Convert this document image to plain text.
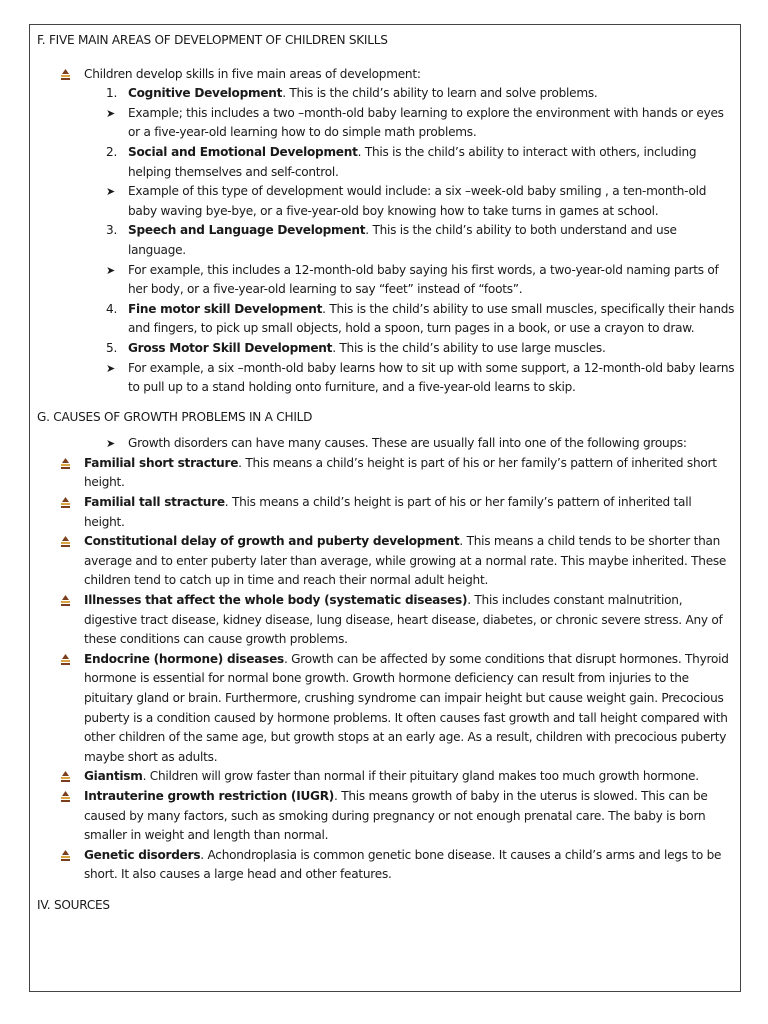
F. FIVE MAIN AREAS OF DEVELOPMENT OF CHILDREN SKILLS

Children develop skills in five main areas of development:
1. Cognitive Development. This is the child’s ability to learn and solve problems.
➤ Example; this includes a two –month-old baby learning to explore the environment with hands or eyes or a five-year-old learning how to do simple math problems.
2. Social and Emotional Development. This is the child’s ability to interact with others, including helping themselves and self-control.
➤ Example of this type of development would include: a six –week-old baby smiling , a ten-month-old baby waving bye-bye, or a five-year-old boy knowing how to take turns in games at school.
3. Speech and Language Development. This is the child’s ability to both understand and use language.
➤ For example, this includes a 12-month-old baby saying his first words, a two-year-old naming parts of her body, or a five-year-old learning to say “feet” instead of “foots”.
4. Fine motor skill Development. This is the child’s ability to use small muscles, specifically their hands and fingers, to pick up small objects, hold a spoon, turn pages in a book, or use a crayon to draw.
5. Gross Motor Skill Development. This is the child’s ability to use large muscles.
➤ For example, a six –month-old baby learns how to sit up with some support, a 12-month-old baby learns to pull up to a stand holding onto furniture, and a five-year-old learns to skip.

G. CAUSES OF GROWTH PROBLEMS IN A CHILD

➤ Growth disorders can have many causes. These are usually fall into one of the following groups:
Familial short stracture. This means a child’s height is part of his or her family’s pattern of inherited short height.
Familial tall stracture. This means a child’s height is part of his or her family’s pattern of inherited tall height.
Constitutional delay of growth and puberty development. This means a child tends to be shorter than average and to enter puberty later than average, while growing at a normal rate. This maybe inherited. These children tend to catch up in time and reach their normal adult height.
Illnesses that affect the whole body (systematic diseases). This includes constant malnutrition, digestive tract disease, kidney disease, lung disease, heart disease, diabetes, or chronic severe stress. Any of these conditions can cause growth problems.
Endocrine (hormone) diseases. Growth can be affected by some conditions that disrupt hormones. Thyroid hormone is essential for normal bone growth. Growth hormone deficiency can result from injuries to the pituitary gland or brain. Furthermore, crushing syndrome can impair height but cause weight gain. Precocious puberty is a condition caused by hormone problems. It often causes fast growth and tall height compared with other children of the same age, but growth stops at an early age. As a result, children with precocious puberty maybe short as adults.
Giantism. Children will grow faster than normal if their pituitary gland makes too much growth hormone.
Intrauterine growth restriction (IUGR). This means growth of baby in the uterus is slowed. This can be caused by many factors, such as smoking during pregnancy or not enough prenatal care. The baby is born smaller in weight and length than normal.
Genetic disorders. Achondroplasia is common genetic bone disease. It causes a child’s arms and legs to be short. It also causes a large head and other features.

IV. SOURCES
